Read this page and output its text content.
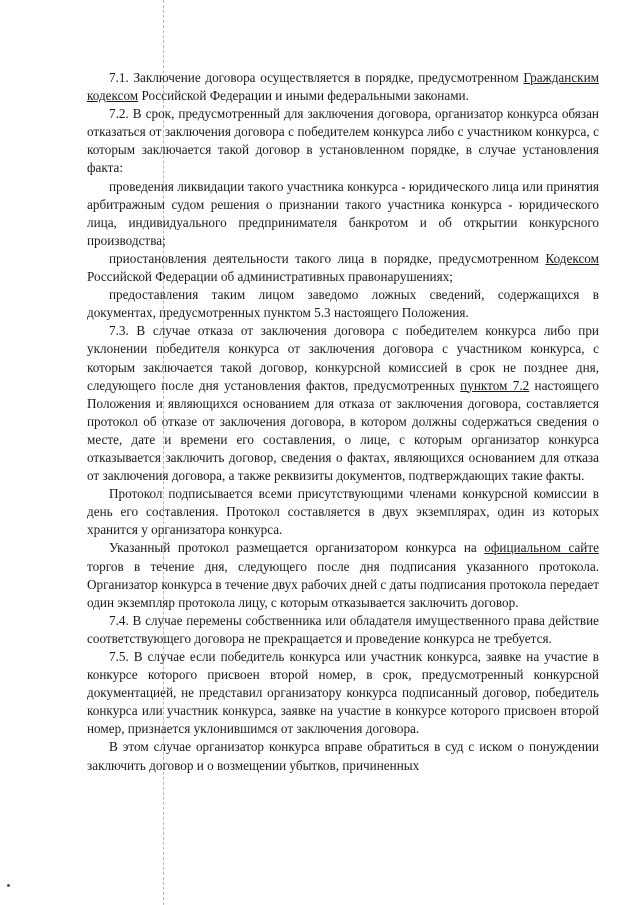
7.1. Заключение договора осуществляется в порядке, предусмотренном Гражданским кодексом Российской Федерации и иными федеральными законами.

7.2. В срок, предусмотренный для заключения договора, организатор конкурса обязан отказаться от заключения договора с победителем конкурса либо с участником конкурса, с которым заключается такой договор в установленном порядке, в случае установления факта:

проведения ликвидации такого участника конкурса - юридического лица или принятия арбитражным судом решения о признании такого участника конкурса - юридического лица, индивидуального предпринимателя банкротом и об открытии конкурсного производства;

приостановления деятельности такого лица в порядке, предусмотренном Кодексом Российской Федерации об административных правонарушениях;

предоставления таким лицом заведомо ложных сведений, содержащихся в документах, предусмотренных пунктом 5.3 настоящего Положения.

7.3. В случае отказа от заключения договора с победителем конкурса либо при уклонении победителя конкурса от заключения договора с участником конкурса, с которым заключается такой договор, конкурсной комиссией в срок не позднее дня, следующего после дня установления фактов, предусмотренных пунктом 7.2 настоящего Положения и являющихся основанием для отказа от заключения договора, составляется протокол об отказе от заключения договора, в котором должны содержаться сведения о месте, дате и времени его составления, о лице, с которым организатор конкурса отказывается заключить договор, сведения о фактах, являющихся основанием для отказа от заключения договора, а также реквизиты документов, подтверждающих такие факты.

Протокол подписывается всеми присутствующими членами конкурсной комиссии в день его составления. Протокол составляется в двух экземплярах, один из которых хранится у организатора конкурса.

Указанный протокол размещается организатором конкурса на официальном сайте торгов в течение дня, следующего после дня подписания указанного протокола. Организатор конкурса в течение двух рабочих дней с даты подписания протокола передает один экземпляр протокола лицу, с которым отказывается заключить договор.

7.4. В случае перемены собственника или обладателя имущественного права действие соответствующего договора не прекращается и проведение конкурса не требуется.

7.5. В случае если победитель конкурса или участник конкурса, заявке на участие в конкурсе которого присвоен второй номер, в срок, предусмотренный конкурсной документацией, не представил организатору конкурса подписанный договор, победитель конкурса или участник конкурса, заявке на участие в конкурсе которого присвоен второй номер, признается уклонившимся от заключения договора.

В этом случае организатор конкурса вправе обратиться в суд с иском о понуждении заключить договор и о возмещении убытков, причиненных
